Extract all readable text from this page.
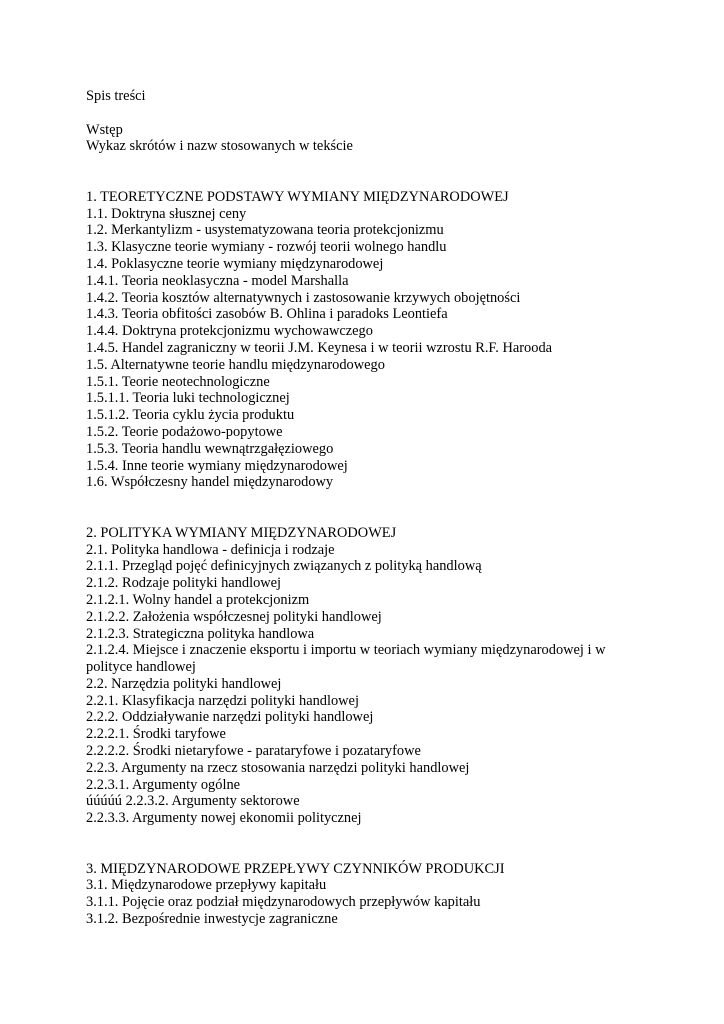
Spis treści
Wstęp
Wykaz skrótów i nazw stosowanych w tekście
1. TEORETYCZNE PODSTAWY WYMIANY MIĘDZYNARODOWEJ
1.1. Doktryna słusznej ceny
1.2. Merkantylizm - usystematyzowana teoria protekcjonizmu
1.3. Klasyczne teorie wymiany - rozwój teorii wolnego handlu
1.4. Poklasyczne teorie wymiany międzynarodowej
1.4.1. Teoria neoklasyczna - model Marshalla
1.4.2. Teoria kosztów alternatywnych i zastosowanie krzywych obojętności
1.4.3. Teoria obfitości zasobów B. Ohlina i paradoks Leontiefa
1.4.4. Doktryna protekcjonizmu wychowawczego
1.4.5. Handel zagraniczny w teorii J.M. Keynesa i w teorii wzrostu R.F. Harooda
1.5. Alternatywne teorie handlu międzynarodowego
1.5.1. Teorie neotechnologiczne
1.5.1.1. Teoria luki technologicznej
1.5.1.2. Teoria cyklu życia produktu
1.5.2. Teorie podażowo-popytowe
1.5.3. Teoria handlu wewnątrzgałęziowego
1.5.4. Inne teorie wymiany międzynarodowej
1.6. Współczesny handel międzynarodowy
2. POLITYKA WYMIANY MIĘDZYNARODOWEJ
2.1. Polityka handlowa - definicja i rodzaje
2.1.1. Przegląd pojęć definicyjnych związanych z polityką handlową
2.1.2. Rodzaje polityki handlowej
2.1.2.1. Wolny handel a protekcjonizm
2.1.2.2. Założenia współczesnej polityki handlowej
2.1.2.3. Strategiczna polityka handlowa
2.1.2.4. Miejsce i znaczenie eksportu i importu w teoriach wymiany międzynarodowej i w
polityce handlowej
2.2. Narzędzia polityki handlowej
2.2.1. Klasyfikacja narzędzi polityki handlowej
2.2.2. Oddziaływanie narzędzi polityki handlowej
2.2.2.1. Środki taryfowe
2.2.2.2. Środki nietaryfowe - parataryfowe i pozataryfowe
2.2.3. Argumenty na rzecz stosowania narzędzi polityki handlowej
2.2.3.1. Argumenty ogólne
úúúúú 2.2.3.2. Argumenty sektorowe
2.2.3.3. Argumenty nowej ekonomii politycznej
3. MIĘDZYNARODOWE PRZEPŁYWY CZYNNIKÓW PRODUKCJI
3.1. Międzynarodowe przepływy kapitału
3.1.1. Pojęcie oraz podział międzynarodowych przepływów kapitału
3.1.2. Bezpośrednie inwestycje zagraniczne
